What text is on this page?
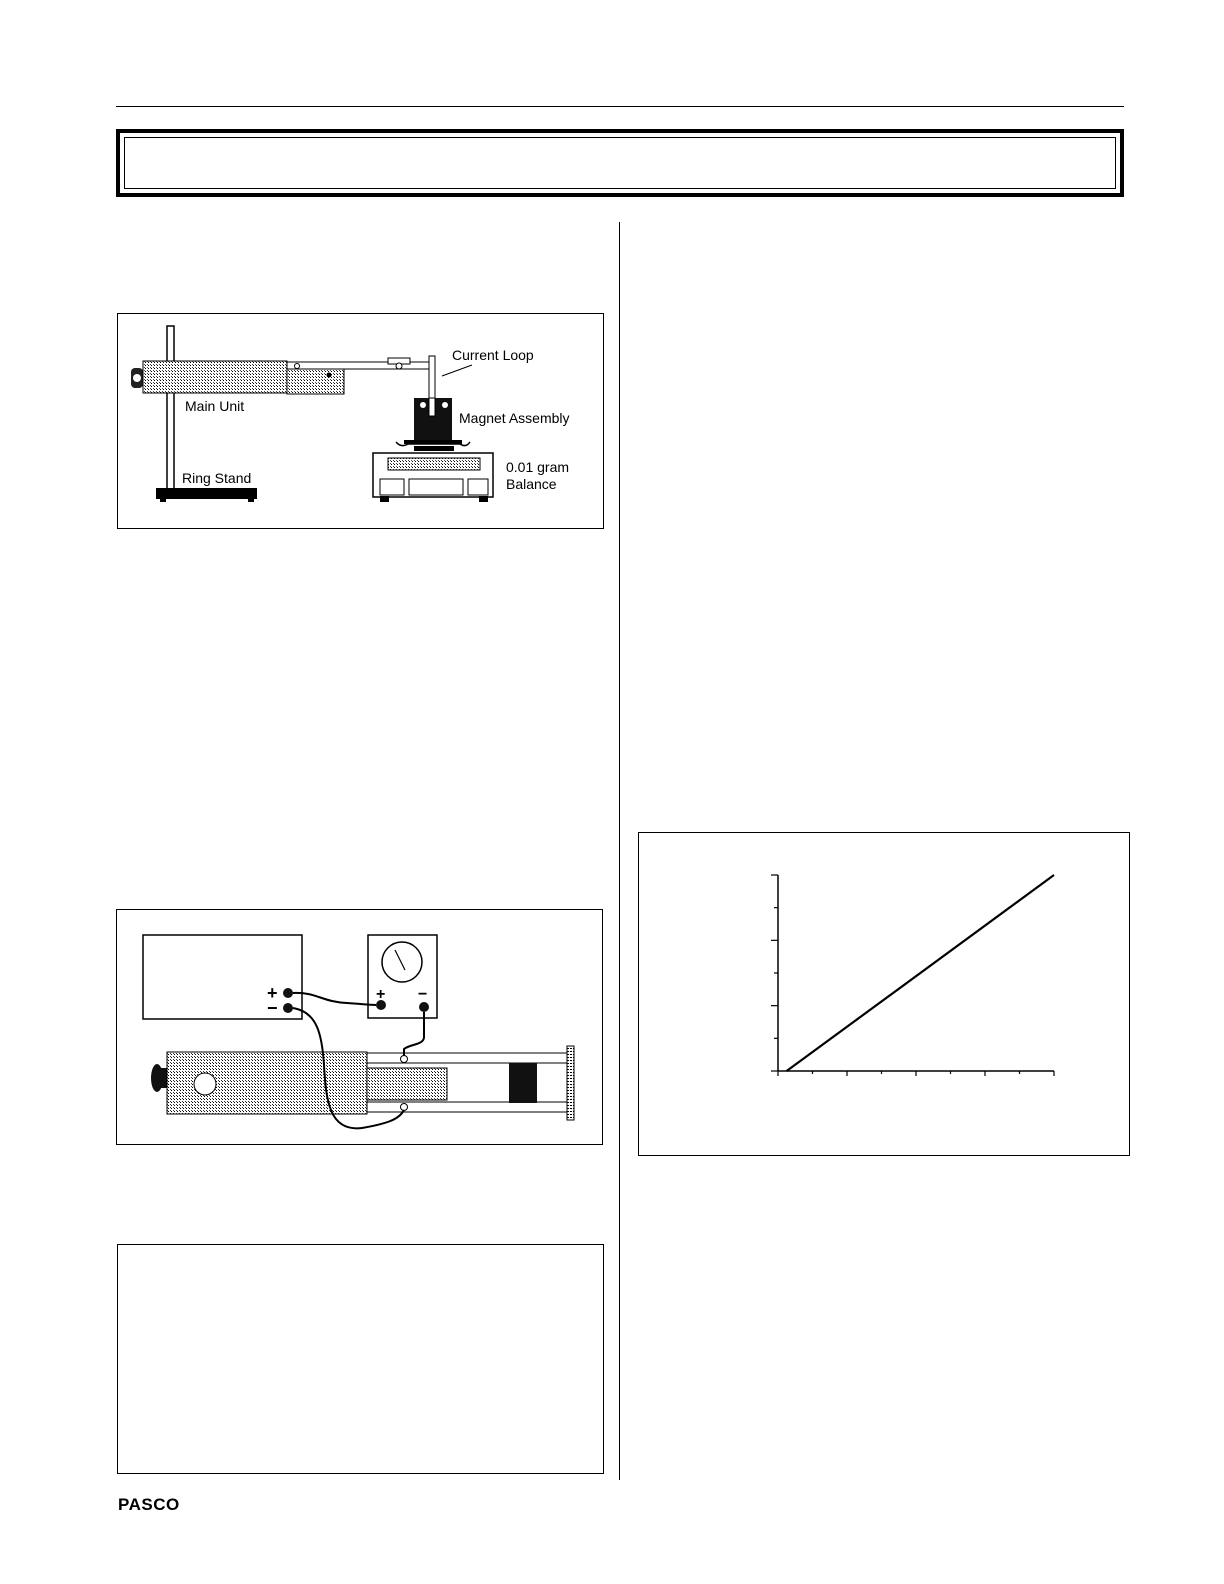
Current Loop
Magnet Assembly
Main Unit
Ring Stand
0.01 gram
Balance
+
−
+ −
PASCO
